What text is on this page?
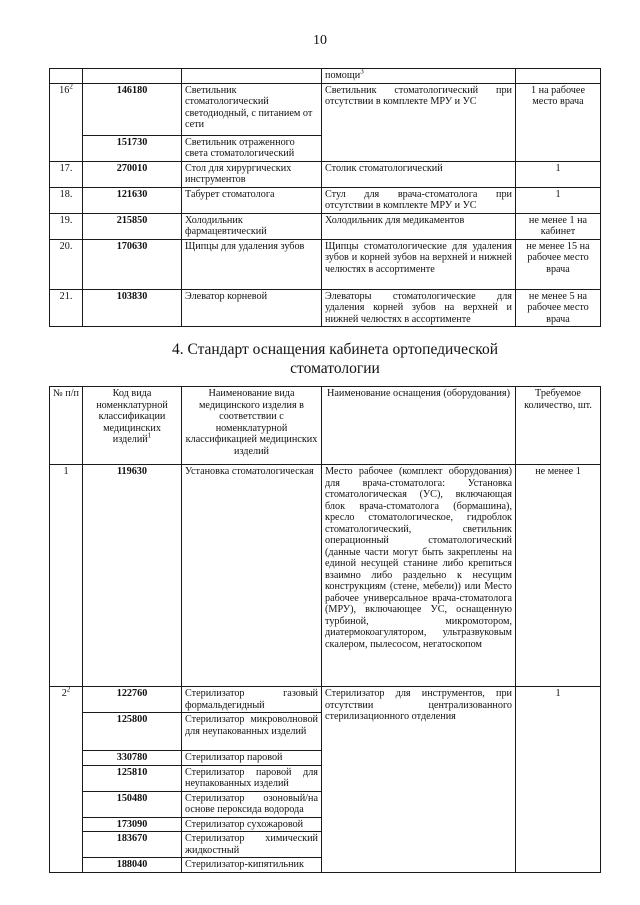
10
			помощи$^3$	
$16^2$	146180	Светильник стоматологический светодиодный, с питанием от сети	Светильник стоматологический при отсутствии в комплекте МРУ и УС	1 на рабочее место врача
	151730	Светильник отраженного света стоматологический		
17.	270010	Стол для хирургических инструментов	Столик стоматологический	1
18.	121630	Табурет стоматолога	Стул для врача-стоматолога при отсутствии в комплекте МРУ и УС	1
19.	215850	Холодильник фармацевтический	Холодильник для медикаментов	не менее 1 на кабинет
20.	170630	Щипцы для удаления зубов	Щипцы стоматологические для удаления зубов и корней зубов на верхней и нижней челюстях в ассортименте	не менее 15 на рабочее место врача
21.	103830	Элеватор корневой	Элеваторы стоматологические для удаления корней зубов на верхней и нижней челюстях в ассортименте	не менее 5 на рабочее место врача
4. Стандарт оснащения кабинета ортопедической стоматологии
№ п/п	Код вида номенклатурной классификации медицинских изделий$^1$	Наименование вида медицинского изделия в соответствии с номенклатурной классификацией медицинских изделий	Наименование оснащения (оборудования)	Требуемое количество, шт.
1	119630	Установка стоматологическая	Место рабочее (комплект оборудования) для врача-стоматолога: Установка стоматологическая (УС), включающая блок врача-стоматолога (бормашина), кресло стоматологическое, гидроблок стоматологический, светильник операционный стоматологический (данные части могут быть закреплены на единой несущей станине либо крепиться взаимно либо раздельно к несущим конструкциям (стене, мебели)) или Место рабочее универсальное врача-стоматолога (МРУ), включающее УС, оснащенную турбиной, микромотором, диатермокоагулятором, ультразвуковым скалером, пылесосом, негатоскопом	не менее 1
$2^2$	122760	Стерилизатор газовый формальдегидный	Стерилизатор для инструментов, при отсутствии централизованного стерилизационного отделения	1
	125800	Стерилизатор микроволновой для неупакованных изделий		
	330780	Стерилизатор паровой		
	125810	Стерилизатор паровой для неупакованных изделий		
	150480	Стерилизатор озоновый/на основе пероксида водорода		
	173090	Стерилизатор сухожаровой		
	183670	Стерилизатор химический жидкостный		
	188040	Стерилизатор-кипятильник		
